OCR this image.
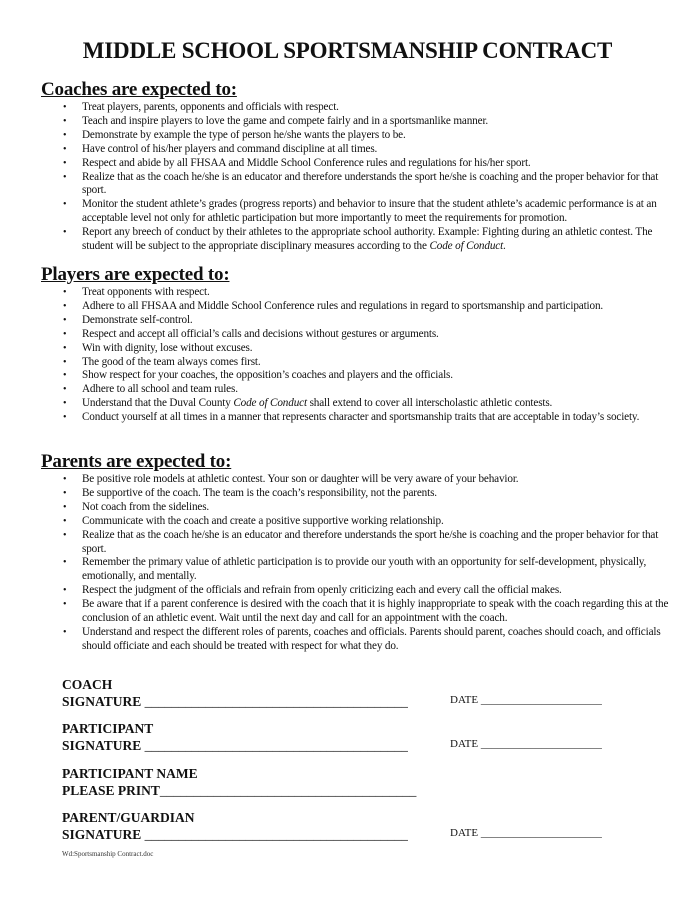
MIDDLE SCHOOL SPORTSMANSHIP CONTRACT
Coaches are expected to:
• Treat players, parents, opponents and officials with respect.
• Teach and inspire players to love the game and compete fairly and in a sportsmanlike manner.
• Demonstrate by example the type of person he/she wants the players to be.
• Have control of his/her players and command discipline at all times.
• Respect and abide by all FHSAA and Middle School Conference rules and regulations for his/her sport.
• Realize that as the coach he/she is an educator and therefore understands the sport he/she is coaching and the proper behavior for that sport.
• Monitor the student athlete’s grades (progress reports) and behavior to insure that the student athlete’s academic performance is at an acceptable level not only for athletic participation but more importantly to meet the requirements for promotion.
• Report any breech of conduct by their athletes to the appropriate school authority. Example: Fighting during an athletic contest. The student will be subject to the appropriate disciplinary measures according to the Code of Conduct.
Players are expected to:
• Treat opponents with respect.
• Adhere to all FHSAA and Middle School Conference rules and regulations in regard to sportsmanship and participation.
• Demonstrate self-control.
• Respect and accept all official’s calls and decisions without gestures or arguments.
• Win with dignity, lose without excuses.
• The good of the team always comes first.
• Show respect for your coaches, the opposition’s coaches and players and the officials.
• Adhere to all school and team rules.
• Understand that the Duval County Code of Conduct shall extend to cover all interscholastic athletic contests.
• Conduct yourself at all times in a manner that represents character and sportsmanship traits that are acceptable in today’s society.
Parents are expected to:
• Be positive role models at athletic contest. Your son or daughter will be very aware of your behavior.
• Be supportive of the coach. The team is the coach’s responsibility, not the parents.
• Not coach from the sidelines.
• Communicate with the coach and create a positive supportive working relationship.
• Realize that as the coach he/she is an educator and therefore understands the sport he/she is coaching and the proper behavior for that sport.
• Remember the primary value of athletic participation is to provide our youth with an opportunity for self-development, physically, emotionally, and mentally.
• Respect the judgment of the officials and refrain from openly criticizing each and every call the official makes.
• Be aware that if a parent conference is desired with the coach that it is highly inappropriate to speak with the coach regarding this at the conclusion of an athletic event. Wait until the next day and call for an appointment with the coach.
• Understand and respect the different roles of parents, coaches and officials. Parents should parent, coaches should coach, and officials should officiate and each should be treated with respect for what they do.
COACH
SIGNATURE _______________________________________	DATE ______________________
PARTICIPANT
SIGNATURE _______________________________________	DATE ______________________
PARTICIPANT NAME
PLEASE PRINT______________________________________
PARENT/GUARDIAN
SIGNATURE _______________________________________	DATE ______________________
Wd:Sportsmanship Contract.doc
